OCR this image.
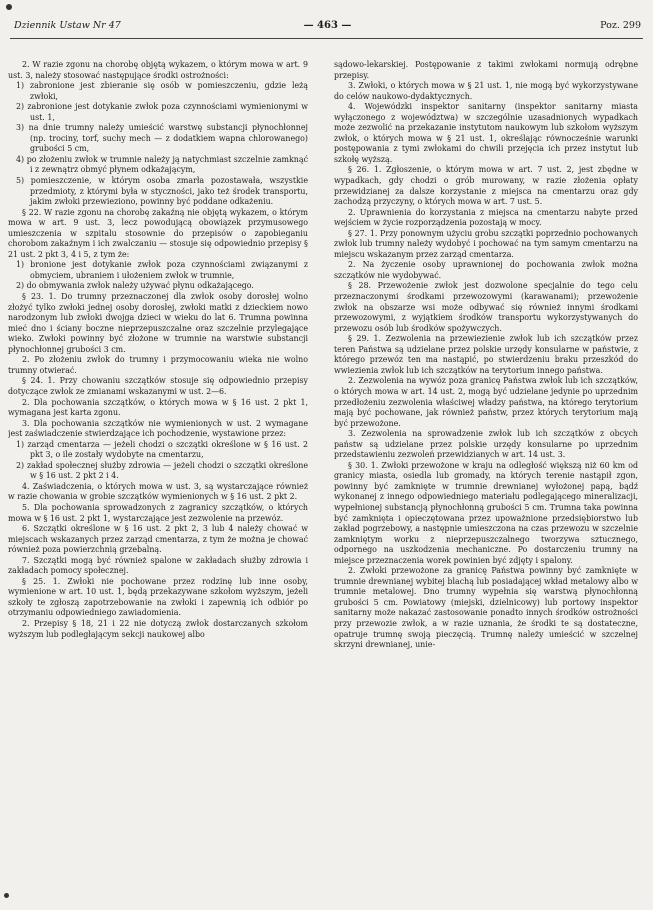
Dziennik Ustaw Nr 47	— 463 —	Poz. 299

2. W razie zgonu na chorobę objętą wykazem, o którym mowa w art. 9 ust. 3, należy stosować następujące środki ostrożności:

1) zabronione jest zbieranie się osób w pomieszczeniu, gdzie leżą zwłoki,

2) zabronione jest dotykanie zwłok poza czynnościami wymienionymi w ust. 1,

3) na dnie trumny należy umieścić warstwę substancji płynochłonnej (np. trociny, torf, suchy mech — z dodatkiem wapna chlorowanego) grubości 5 cm,

4) po złożeniu zwłok w trumnie należy ją natychmiast szczelnie zamknąć i z zewnątrz obmyć płynem odkażającym,

5) pomieszczenie, w którym osoba zmarła pozostawała, wszystkie przedmioty, z którymi była w styczności, jako też środek transportu, jakim zwłoki przewieziono, powinny być poddane odkażeniu.

§ 22. W razie zgonu na chorobę zakaźną nie objętą wykazem, o którym mowa w art. 9 ust. 3, lecz powodującą obowiązek przymusowego umieszczenia w szpitalu stosownie do przepisów o zapobieganiu chorobom zakaźnym i ich zwalczaniu — stosuje się odpowiednio przepisy § 21 ust. 2 pkt 3, 4 i 5, z tym że:

1) bronione jest dotykanie zwłok poza czynnościami związanymi z obmyciem, ubraniem i ułożeniem zwłok w trumnie,

2) do obmywania zwłok należy używać płynu odkażającego.

§ 23. 1. Do trumny przeznaczonej dla zwłok osoby dorosłej wolno złożyć tylko zwłoki jednej osoby dorosłej, zwłoki matki z dzieckiem nowo narodzonym lub zwłoki dwojga dzieci w wieku do lat 6. Trumna powinna mieć dno i ściany boczne nieprzepuszczalne oraz szczelnie przylegające wieko. Zwłoki powinny być złożone w trumnie na warstwie substancji płynochłonnej grubości 3 cm.

2. Po złożeniu zwłok do trumny i przymocowaniu wieka nie wolno trumny otwierać.

§ 24. 1. Przy chowaniu szczątków stosuje się odpowiednio przepisy dotyczące zwłok ze zmianami wskazanymi w ust. 2—6.

2. Dla pochowania szczątków, o których mowa w § 16 ust. 2 pkt 1, wymagana jest karta zgonu.

3. Dla pochowania szczątków nie wymienionych w ust. 2 wymagane jest zaświadczenie stwierdzające ich pochodzenie, wystawione przez:

1) zarząd cmentarza — jeżeli chodzi o szczątki określone w § 16 ust. 2 pkt 3, o ile zostały wydobyte na cmentarzu,

2) zakład społecznej służby zdrowia — jeżeli chodzi o szczątki określone w § 16 ust. 2 pkt 2 i 4.

4. Zaświadczenia, o których mowa w ust. 3, są wystarczające również w razie chowania w grobie szczątków wymienionych w § 16 ust. 2 pkt 2.

5. Dla pochowania sprowadzonych z zagranicy szczątków, o których mowa w § 16 ust. 2 pkt 1, wystarczające jest zezwolenie na przewóz.

6. Szczątki określone w § 16 ust. 2 pkt 2, 3 lub 4 należy chować w miejscach wskazanych przez zarząd cmentarza, z tym że można je chować również poza powierzchnią grzebalną.

7. Szczątki mogą być również spalone w zakładach służby zdrowia i zakładach pomocy społecznej.

§ 25. 1. Zwłoki nie pochowane przez rodzinę lub inne osoby, wymienione w art. 10 ust. 1, będą przekazywane szkołom wyższym, jeżeli szkoły te zgłoszą zapotrzebowanie na zwłoki i zapewnią ich odbiór po otrzymaniu odpowiedniego zawiadomienia.

2. Przepisy § 18, 21 i 22 nie dotyczą zwłok dostarczanych szkołom wyższym lub podległającym sekcji naukowej albo

sądowo-lekarskiej. Postępowanie z takimi zwłokami normują odrębne przepisy.

3. Zwłoki, o których mowa w § 21 ust. 1, nie mogą być wykorzystywane do celów naukowo-dydaktycznych.

4. Wojewódzki inspektor sanitarny (inspektor sanitarny miasta wyłączonego z województwa) w szczególnie uzasadnionych wypadkach może zezwolić na przekazanie instytutom naukowym lub szkołom wyższym zwłok, o których mowa w § 21 ust. 1, określając równocześnie warunki postępowania z tymi zwłokami do chwili przejęcia ich przez instytut lub szkołę wyższą.

§ 26. 1. Zgłoszenie, o którym mowa w art. 7 ust. 2, jest zbędne w wypadkach, gdy chodzi o grób murowany, w razie złożenia opłaty przewidzianej za dalsze korzystanie z miejsca na cmentarzu oraz gdy zachodzą przyczyny, o których mowa w art. 7 ust. 5.

2. Uprawnienia do korzystania z miejsca na cmentarzu nabyte przed wejściem w życie rozporządzenia pozostają w mocy.

§ 27. 1. Przy ponownym użyciu grobu szczątki poprzednio pochowanych zwłok lub trumny należy wydobyć i pochować na tym samym cmentarzu na miejscu wskazanym przez zarząd cmentarza.

2. Na życzenie osoby uprawnionej do pochowania zwłok można szczątków nie wydobywać.

§ 28. Przewożenie zwłok jest dozwolone specjalnie do tego celu przeznaczonymi środkami przewozowymi (karawanami); przewożenie zwłok na obszarze wsi może odbywać się również innymi środkami przewozowymi, z wyjątkiem środków transportu wykorzystywanych do przewozu osób lub środków spożywczych.

§ 29. 1. Zezwolenia na przewiezienie zwłok lub ich szczątków przez teren Państwa są udzielane przez polskie urzędy konsularne w państwie, z którego przewóz ten ma nastąpić, po stwierdzeniu braku przeszkód do wwiezienia zwłok lub ich szczątków na terytorium innego państwa.

2. Zezwolenia na wywóz poza granicę Państwa zwłok lub ich szczątków, o których mowa w art. 14 ust. 2, mogą być udzielane jedynie po uprzednim przedłożeniu zezwolenia właściwej władzy państwa, na którego terytorium mają być pochowane, jak również państw, przez których terytorium mają być przewożone.

3. Zezwolenia na sprowadzenie zwłok lub ich szczątków z obcych państw są udzielane przez polskie urzędy konsularne po uprzednim przedstawieniu zezwoleń przewidzianych w art. 14 ust. 3.

§ 30. 1. Zwłoki przewożone w kraju na odległość większą niż 60 km od granicy miasta, osiedla lub gromady, na których terenie nastąpił zgon, powinny być zamknięte w trumnie drewnianej wyłożonej papą, bądź wykonanej z innego odpowiedniego materiału podlegającego mineralizacji, wypełnionej substancją płynochłonną grubości 5 cm. Trumna taka powinna być zamknięta i opieczętowana przez upoważnione przedsiębiorstwo lub zakład pogrzebowy, a następnie umieszczona na czas przewozu w szczelnie zamkniętym worku z nieprzepuszczalnego tworzywa sztucznego, odpornego na uszkodzenia mechaniczne. Po dostarczeniu trumny na miejsce przeznaczenia worek powinien być zdjęty i spalony.

2. Zwłoki przewożone za granicę Państwa powinny być zamknięte w trumnie drewnianej wybitej blachą lub posiadającej wkład metalowy albo w trumnie metalowej. Dno trumny wypełnia się warstwą płynochłonną grubości 5 cm. Powiatowy (miejski, dzielnicowy) lub portowy inspektor sanitarny może nakazać zastosowanie ponadto innych środków ostrożności przy przewozie zwłok, a w razie uznania, że środki te są dostateczne, opatruje trumnę swoją pieczęcią. Trumnę należy umieścić w szczelnej skrzyni drewnianej, unie-
